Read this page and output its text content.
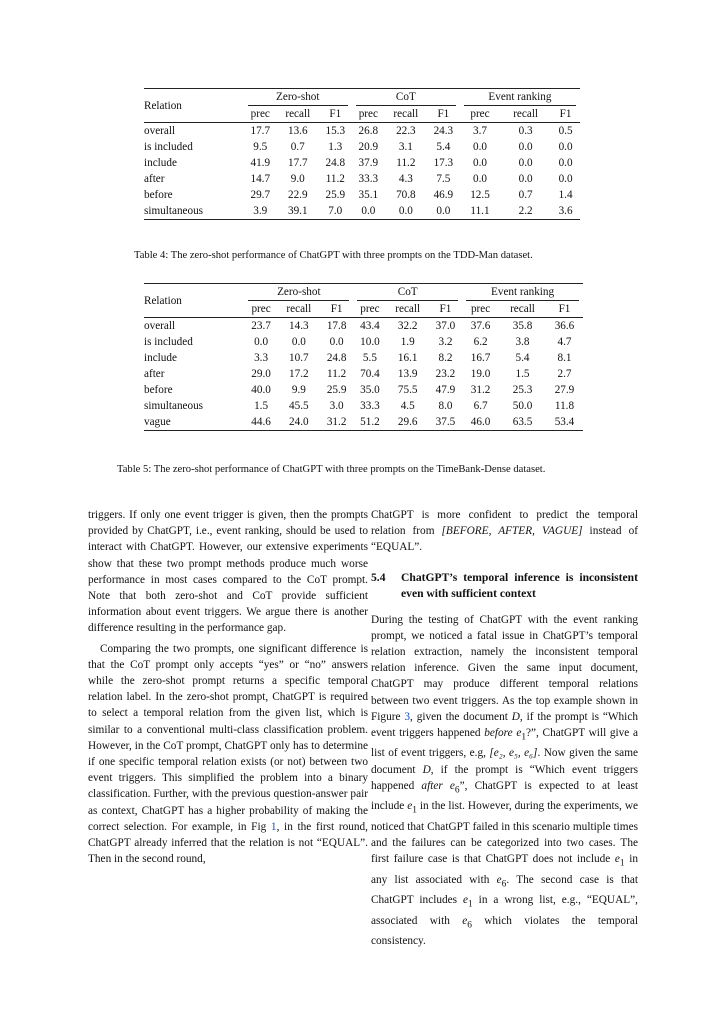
Relation	Zero-shot			CoT			Event ranking		

	prec	recall	F1	prec	recall	F1	prec	recall	F1
overall	17.7	13.6	15.3	26.8	22.3	24.3	3.7	0.3	0.5
is included	9.5	0.7	1.3	20.9	3.1	5.4	0.0	0.0	0.0
include	41.9	17.7	24.8	37.9	11.2	17.3	0.0	0.0	0.0
after	14.7	9.0	11.2	33.3	4.3	7.5	0.0	0.0	0.0
before	29.7	22.9	25.9	35.1	70.8	46.9	12.5	0.7	1.4
simultaneous	3.9	39.1	7.0	0.0	0.0	0.0	11.1	2.2	3.6
Table 4: The zero-shot performance of ChatGPT with three prompts on the TDD-Man dataset.
Relation	Zero-shot			CoT			Event ranking		

	prec	recall	F1	prec	recall	F1	prec	recall	F1
overall	23.7	14.3	17.8	43.4	32.2	37.0	37.6	35.8	36.6
is included	0.0	0.0	0.0	10.0	1.9	3.2	6.2	3.8	4.7
include	3.3	10.7	24.8	5.5	16.1	8.2	16.7	5.4	8.1
after	29.0	17.2	11.2	70.4	13.9	23.2	19.0	1.5	2.7
before	40.0	9.9	25.9	35.0	75.5	47.9	31.2	25.3	27.9
simultaneous	1.5	45.5	3.0	33.3	4.5	8.0	6.7	50.0	11.8
vague	44.6	24.0	31.2	51.2	29.6	37.5	46.0	63.5	53.4
Table 5: The zero-shot performance of ChatGPT with three prompts on the TimeBank-Dense dataset.

triggers. If only one event trigger is given, then the prompts provided by ChatGPT, i.e., event ranking, should be used to interact with ChatGPT. However, our extensive experiments show that these two prompt methods produce much worse performance in most cases compared to the CoT prompt. Note that both zero-shot and CoT provide sufficient information about event triggers. We argue there is another difference resulting in the performance gap.

Comparing the two prompts, one significant difference is that the CoT prompt only accepts “yes” or “no” answers while the zero-shot prompt returns a specific temporal relation label. In the zero-shot prompt, ChatGPT is required to select a temporal relation from the given list, which is similar to a conventional multi-class classification problem. However, in the CoT prompt, ChatGPT only has to determine if one specific temporal relation exists (or not) between two event triggers. This simplified the problem into a binary classification. Further, with the previous question-answer pair as context, ChatGPT has a higher probability of making the correct selection. For example, in Fig 1, in the first round, ChatGPT already inferred that the relation is not “EQUAL”. Then in the second round,

ChatGPT is more confident to predict the temporal relation from [BEFORE, AFTER, VAGUE] instead of “EQUAL”.

5.4	ChatGPT’s temporal inference is inconsistent even with sufficient context

During the testing of ChatGPT with the event ranking prompt, we noticed a fatal issue in ChatGPT’s temporal relation extraction, namely the inconsistent temporal relation inference. Given the same input document, ChatGPT may produce different temporal relations between two event triggers. As the top example shown in Figure 3, given the document D, if the prompt is “Which event triggers happened before $e_1$?”, ChatGPT will give a list of event triggers, e.g, [e₂, e₅, e₆]. Now given the same document D, if the prompt is “Which event triggers happened after $e_6$”, ChatGPT is expected to at least include $e_1$ in the list. However, during the experiments, we noticed that ChatGPT failed in this scenario multiple times and the failures can be categorized into two cases. The first failure case is that ChatGPT does not include $e_1$ in any list associated with $e_6$. The second case is that ChatGPT includes $e_1$ in a wrong list, e.g., “EQUAL”, associated with $e_6$ which violates the temporal consistency.
